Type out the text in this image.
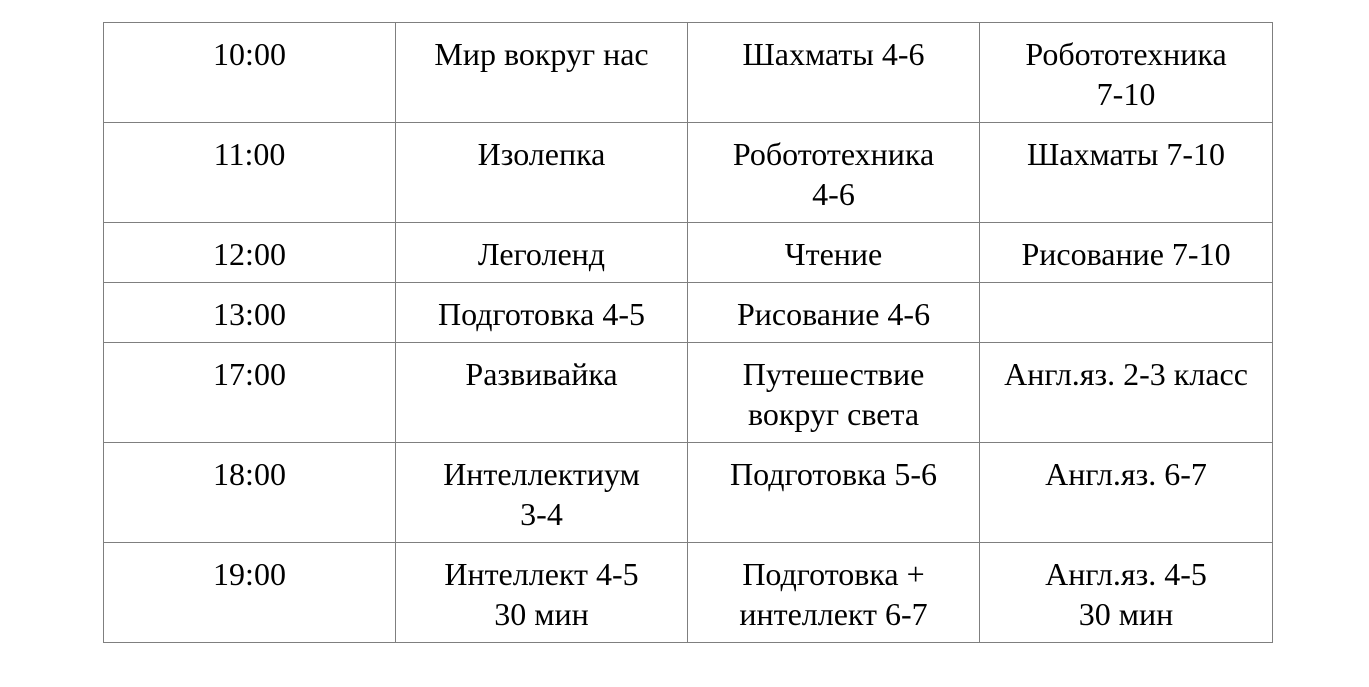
10:00	Мир вокруг нас	Шахматы 4-6	Робототехника
7-10

11:00	Изолепка	Робототехника
4-6	Шахматы 7-10

12:00	Леголенд	Чтение	Рисование 7-10

13:00	Подготовка 4-5	Рисование 4-6	

17:00	Развивайка	Путешествие
вокруг света	Англ.яз. 2-3 класс

18:00	Интеллектиум
3-4	Подготовка 5-6	Англ.яз. 6-7

19:00	Интеллект 4-5
30 мин	Подготовка +
интеллект 6-7	Англ.яз. 4-5
30 мин
